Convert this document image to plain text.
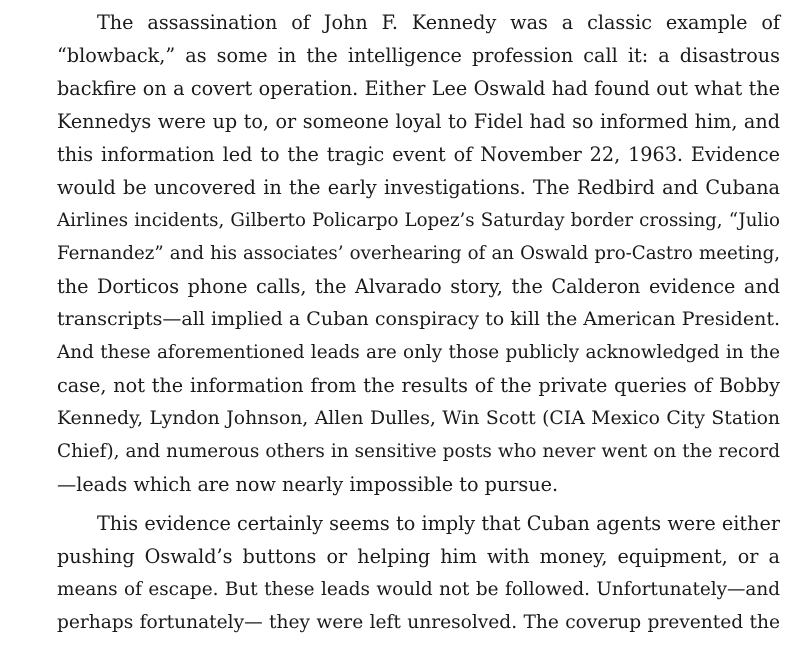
The assassination of John F. Kennedy was a classic example of
“blowback,” as some in the intelligence profession call it: a disastrous
backfire on a covert operation. Either Lee Oswald had found out what the
Kennedys were up to, or someone loyal to Fidel had so informed him, and
this information led to the tragic event of November 22, 1963. Evidence
would be uncovered in the early investigations. The Redbird and Cubana
Airlines incidents, Gilberto Policarpo Lopez’s Saturday border crossing, “Julio
Fernandez” and his associates’ overhearing of an Oswald pro-Castro meeting,
the Dorticos phone calls, the Alvarado story, the Calderon evidence and
transcripts—all implied a Cuban conspiracy to kill the American President.
And these aforementioned leads are only those publicly acknowledged in the
case, not the information from the results of the private queries of Bobby
Kennedy, Lyndon Johnson, Allen Dulles, Win Scott (CIA Mexico City Station
Chief), and numerous others in sensitive posts who never went on the record
—leads which are now nearly impossible to pursue.
This evidence certainly seems to imply that Cuban agents were either
pushing Oswald’s buttons or helping him with money, equipment, or a
means of escape. But these leads would not be followed. Unfortunately—and
perhaps fortunately— they were left unresolved. The coverup prevented the
